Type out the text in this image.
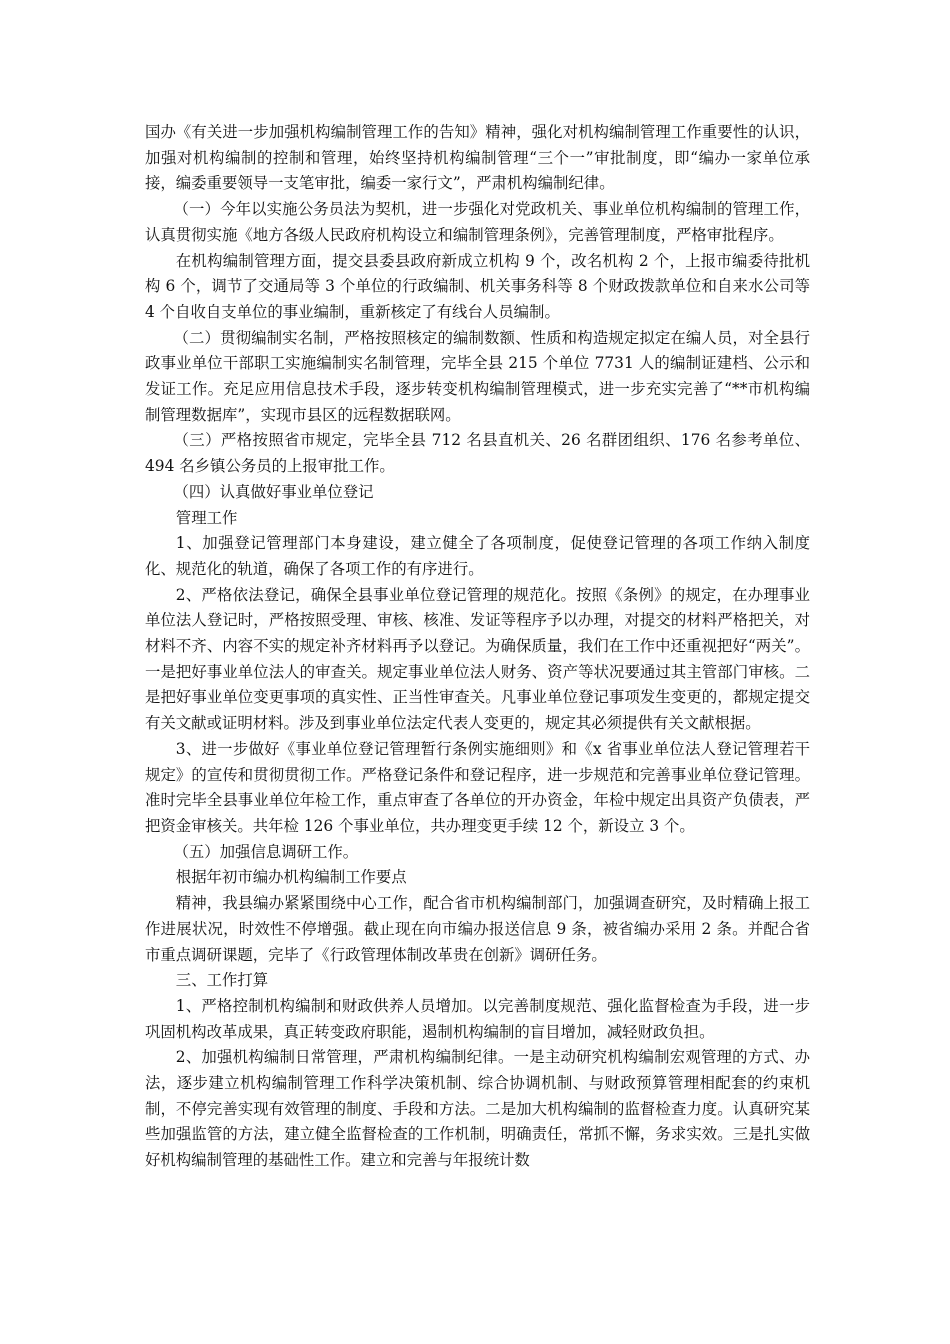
国办《有关进一步加强机构编制管理工作的告知》精神，强化对机构编制管理工作重要性的认识，加强对机构编制的控制和管理，始终坚持机构编制管理“三个一”审批制度，即“编办一家单位承接，编委重要领导一支笔审批，编委一家行文”，严肃机构编制纪律。

（一）今年以实施公务员法为契机，进一步强化对党政机关、事业单位机构编制的管理工作，认真贯彻实施《地方各级人民政府机构设立和编制管理条例》，完善管理制度，严格审批程序。

在机构编制管理方面，提交县委县政府新成立机构 9 个，改名机构 2 个，上报市编委待批机构 6 个，调节了交通局等 3 个单位的行政编制、机关事务科等 8 个财政拨款单位和自来水公司等 4 个自收自支单位的事业编制，重新核定了有线台人员编制。

（二）贯彻编制实名制，严格按照核定的编制数额、性质和构造规定拟定在编人员，对全县行政事业单位干部职工实施编制实名制管理，完毕全县 215 个单位 7731 人的编制证建档、公示和发证工作。充足应用信息技术手段，逐步转变机构编制管理模式，进一步充实完善了“**市机构编制管理数据库”，实现市县区的远程数据联网。

（三）严格按照省市规定，完毕全县 712 名县直机关、26 名群团组织、176 名参考单位、494 名乡镇公务员的上报审批工作。

（四）认真做好事业单位登记

管理工作

1、加强登记管理部门本身建设，建立健全了各项制度，促使登记管理的各项工作纳入制度化、规范化的轨道，确保了各项工作的有序进行。

2、严格依法登记，确保全县事业单位登记管理的规范化。按照《条例》的规定，在办理事业单位法人登记时，严格按照受理、审核、核准、发证等程序予以办理，对提交的材料严格把关，对材料不齐、内容不实的规定补齐材料再予以登记。为确保质量，我们在工作中还重视把好“两关”。一是把好事业单位法人的审查关。规定事业单位法人财务、资产等状况要通过其主管部门审核。二是把好事业单位变更事项的真实性、正当性审查关。凡事业单位登记事项发生变更的，都规定提交有关文献或证明材料。涉及到事业单位法定代表人变更的，规定其必须提供有关文献根据。

3、进一步做好《事业单位登记管理暂行条例实施细则》和《x 省事业单位法人登记管理若干规定》的宣传和贯彻贯彻工作。严格登记条件和登记程序，进一步规范和完善事业单位登记管理。准时完毕全县事业单位年检工作，重点审查了各单位的开办资金，年检中规定出具资产负债表，严把资金审核关。共年检 126 个事业单位，共办理变更手续 12 个，新设立 3 个。

（五）加强信息调研工作。

根据年初市编办机构编制工作要点

精神，我县编办紧紧围绕中心工作，配合省市机构编制部门，加强调查研究，及时精确上报工作进展状况，时效性不停增强。截止现在向市编办报送信息 9 条，被省编办采用 2 条。并配合省市重点调研课题，完毕了《行政管理体制改革贵在创新》调研任务。

三、工作打算

1、严格控制机构编制和财政供养人员增加。以完善制度规范、强化监督检查为手段，进一步巩固机构改革成果，真正转变政府职能，遏制机构编制的盲目增加，减轻财政负担。

2、加强机构编制日常管理，严肃机构编制纪律。一是主动研究机构编制宏观管理的方式、办法，逐步建立机构编制管理工作科学决策机制、综合协调机制、与财政预算管理相配套的约束机制，不停完善实现有效管理的制度、手段和方法。二是加大机构编制的监督检查力度。认真研究某些加强监管的方法，建立健全监督检查的工作机制，明确责任，常抓不懈，务求实效。三是扎实做好机构编制管理的基础性工作。建立和完善与年报统计数
